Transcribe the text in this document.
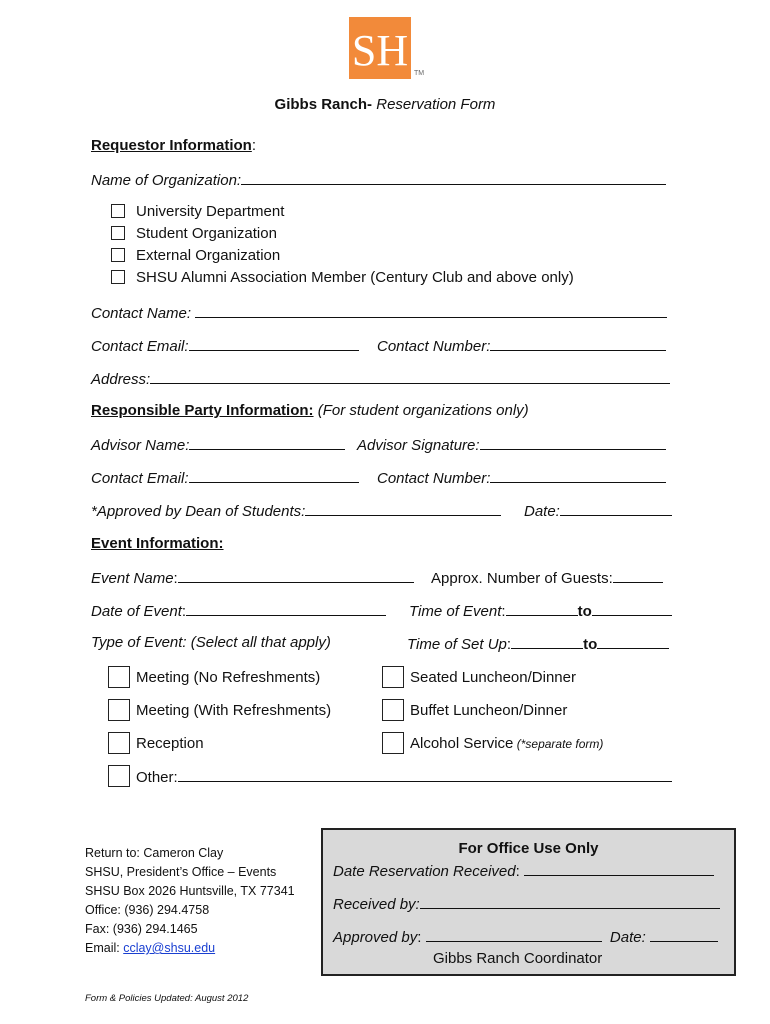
SH TM
Gibbs Ranch- Reservation Form
Requestor Information:
Name of Organization:
University Department
Student Organization
External Organization
SHSU Alumni Association Member (Century Club and above only)
Contact Name:
Contact Email:	Contact Number:
Address:
Responsible Party Information: (For student organizations only)
Advisor Name:	Advisor Signature:
Contact Email:	Contact Number:
*Approved by Dean of Students:	Date:
Event Information:
Event Name:	Approx. Number of Guests:
Date of Event:	Time of Event:	to
Type of Event: (Select all that apply)	Time of Set Up:	to
Meeting (No Refreshments)
Meeting (With Refreshments)
Reception
Seated Luncheon/Dinner
Buffet Luncheon/Dinner
Alcohol Service (*separate form)
Other:
Return to: Cameron Clay
SHSU, President’s Office – Events
SHSU Box 2026 Huntsville, TX 77341
Office: (936) 294.4758
Fax: (936) 294.1465
Email: cclay@shsu.edu
For Office Use Only
Date Reservation Received:
Received by:
Approved by:	Date:
Gibbs Ranch Coordinator
Form & Policies Updated: August 2012
